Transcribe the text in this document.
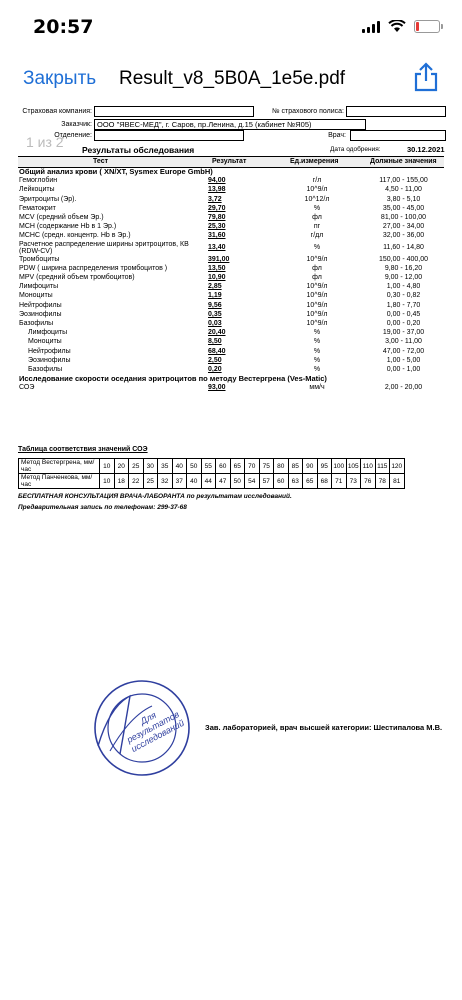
20:57
Закрыть Result_v8_5B0A_1e5e.pdf
Страховая компания:	№ страхового полиса:
Заказчик: ООО "ЯВЕС-МЕД", г. Саров, пр.Ленина, д.15 (кабинет №Я05)
Отделение:	Врач:
Результаты обследования	Дата одобрения:	30.12.2021
Тест	Результат	Ед.измерения	Должные значения
Общий анализ крови ( XN/XT, Sysmex Europe GmbH)			
Гемоглобин	94,00	г/л	117,00 - 155,00
Лейкоциты	13,98	10^9/л	4,50 - 11,00
Эритроциты (Эр).	3,72	10^12/л	3,80 - 5,10
Гематокрит	29,70	%	35,00 - 45,00
MCV (средний объем Эр.)	79,80	фл	81,00 - 100,00
MCH (содержание Hb в 1 Эр.)	25,30	пг	27,00 - 34,00
MCHC (средн. концентр. Hb в Эр.)	31,60	г/дл	32,00 - 36,00
Расчетное распределение ширины эритроцитов, КВ (RDW-CV)	13,40	%	11,60 - 14,80
Тромбоциты	391,00	10^9/л	150,00 - 400,00
PDW ( ширина распределения тромбоцитов )	13,50	фл	9,80 - 16,20
MPV (средний объем тромбоцитов)	10,90	фл	9,00 - 12,00
Лимфоциты	2,85	10^9/л	1,00 - 4,80
Моноциты	1,19	10^9/л	0,30 - 0,82
Нейтрофилы	9,56	10^9/л	1,80 - 7,70
Эозинофилы	0,35	10^9/л	0,00 - 0,45
Базофилы	0,03	10^9/л	0,00 - 0,20
Лимфоциты	20,40	%	19,00 - 37,00
Моноциты	8,50	%	3,00 - 11,00
Нейтрофилы	68,40	%	47,00 - 72,00
Эозинофилы	2,50	%	1,00 - 5,00
Базофилы	0,20	%	0,00 - 1,00
Исследование скорости оседания эритроцитов по методу Вестергрена (Ves-Matic)			
СОЭ	93,00	мм/ч	2,00 - 20,00
Таблица соответствия значений СОЭ
Метод Вестергрена, мм/час	10	20	25	30	35	40	50	55	60	65	70	75	80	85	90	95	100	105	110	115	120
Метод Панченкова, мм/час	10	18	22	25	32	37	40	44	47	50	54	57	60	63	65	68	71	73	76	78	81
БЕСПЛАТНАЯ КОНСУЛЬТАЦИЯ ВРАЧА-ЛАБОРАНТА по результатам исследований.
Предварительная запись по телефонам: 299-37-68
Зав. лабораторией, врач высшей категории: Шестипалова М.В.
1 из 2
Для результатов исследований
